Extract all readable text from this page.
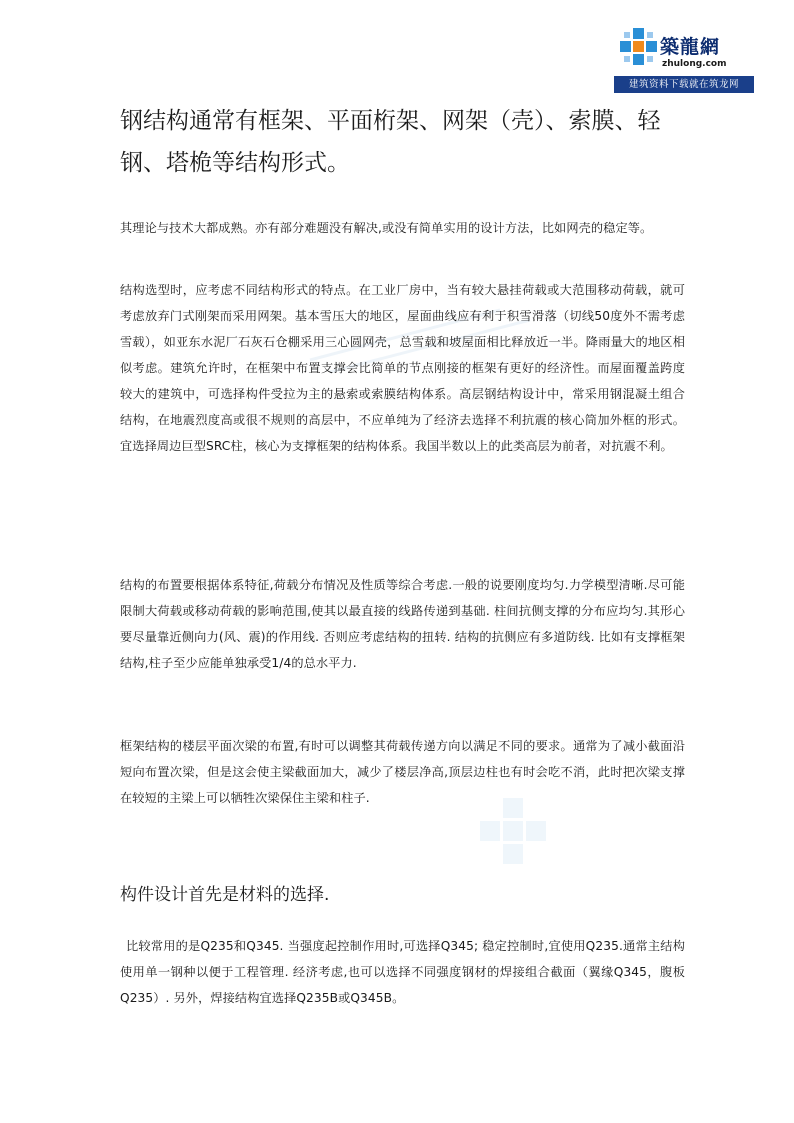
築龍網
zhulong.com
建筑资料下载就在筑龙网
钢结构通常有框架、平面桁架、网架（壳）、索膜、轻钢、塔桅等结构形式。

其理论与技术大都成熟。亦有部分难题没有解决,或没有简单实用的设计方法，比如网壳的稳定等。

结构选型时，应考虑不同结构形式的特点。在工业厂房中，当有较大悬挂荷载或大范围移动荷载，就可考虑放弃门式刚架而采用网架。基本雪压大的地区，屋面曲线应有利于积雪滑落（切线50度外不需考虑雪载），如亚东水泥厂石灰石仓棚采用三心圆网壳，总雪载和坡屋面相比释放近一半。降雨量大的地区相似考虑。建筑允许时，在框架中布置支撑会比简单的节点刚接的框架有更好的经济性。而屋面覆盖跨度较大的建筑中，可选择构件受拉为主的悬索或索膜结构体系。高层钢结构设计中，常采用钢混凝土组合结构，在地震烈度高或很不规则的高层中，不应单纯为了经济去选择不利抗震的核心筒加外框的形式。宜选择周边巨型SRC柱，核心为支撑框架的结构体系。我国半数以上的此类高层为前者，对抗震不利。

结构的布置要根据体系特征,荷载分布情况及性质等综合考虑.一般的说要刚度均匀.力学模型清晰.尽可能限制大荷载或移动荷载的影响范围,使其以最直接的线路传递到基础. 柱间抗侧支撑的分布应均匀.其形心要尽量靠近侧向力(风、震)的作用线. 否则应考虑结构的扭转. 结构的抗侧应有多道防线. 比如有支撑框架结构,柱子至少应能单独承受1/4的总水平力.

框架结构的楼层平面次梁的布置,有时可以调整其荷载传递方向以满足不同的要求。通常为了减小截面沿短向布置次梁，但是这会使主梁截面加大，减少了楼层净高,顶层边柱也有时会吃不消，此时把次梁支撑在较短的主梁上可以牺牲次梁保住主梁和柱子.

构件设计首先是材料的选择.

比较常用的是Q235和Q345. 当强度起控制作用时,可选择Q345; 稳定控制时,宜使用Q235.通常主结构使用单一钢种以便于工程管理. 经济考虑,也可以选择不同强度钢材的焊接组合截面（翼缘Q345，腹板Q235）. 另外，焊接结构宜选择Q235B或Q345B。
